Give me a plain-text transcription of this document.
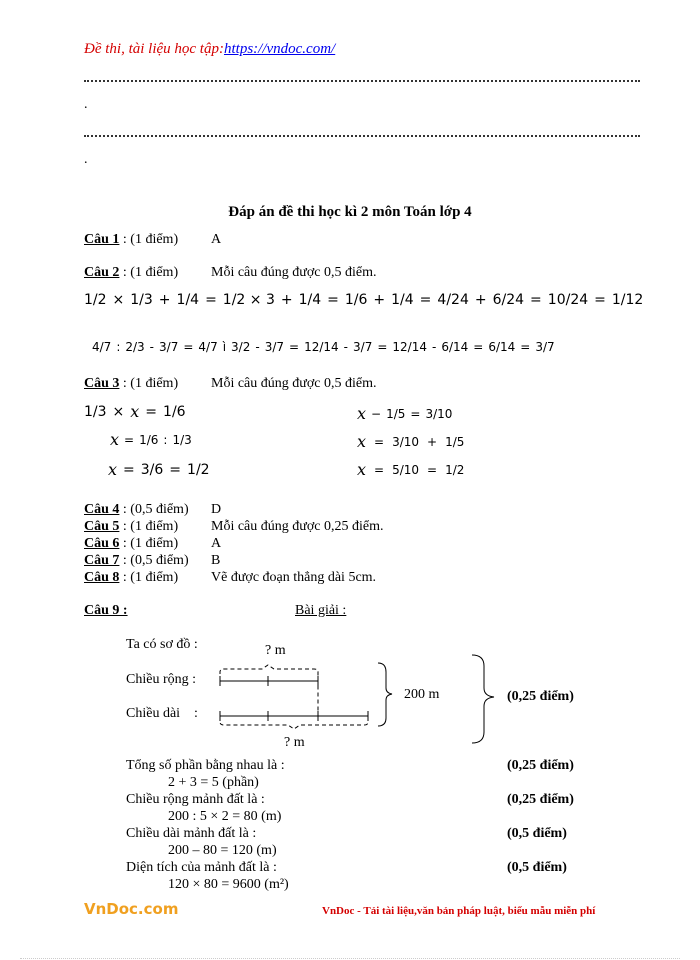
Đề thi, tài liệu học tập:https://vndoc.com/
.
.
Đáp án đề thi học kì 2 môn Toán lớp 4
Câu 1 : (1 điểm) A
Câu 2 : (1 điểm) Mỗi câu đúng được 0,5 điểm.
1/2 × 1/3 + 1/4 = 1/2 × 3 + 1/4 = 1/6 + 1/4 = 4/24 + 6/24 = 10/24 = 1/12
4/7 : 2/3 - 3/7 = 4/7 ì 3/2 - 3/7 = 12/14 - 3/7 = 12/14 - 6/14 = 6/14 = 3/7
Câu 3 : (1 điểm) Mỗi câu đúng được 0,5 điểm.
1/3 × x = 1/6
x = 1/6 : 1/3
x = 3/6 = 1/2
x − 1/5 = 3/10
x = 3/10 + 1/5
x = 5/10 = 1/2
Câu 4 : (0,5 điểm) D
Câu 5 : (1 điểm) Mỗi câu đúng được 0,25 điểm.
Câu 6 : (1 điểm) A
Câu 7 : (0,5 điểm) B
Câu 8 : (1 điểm) Vẽ được đoạn thẳng dài 5cm.
Câu 9 :	Bài giải :
Ta có sơ đồ :	? m
Chiều rộng :
Chiều dài    :
? m
200 m	(0,25 điểm)
Tổng số phần bằng nhau là :
2 + 3 = 5 (phần)
(0,25 điểm)
Chiều rộng mảnh đất là :
200 : 5 × 2 = 80 (m)
(0,25 điểm)
Chiều dài mảnh đất là :
200 – 80 = 120 (m)
(0,5 điểm)
Diện tích của mảnh đất là :
120 × 80 = 9600 (m²)
(0,5 điểm)
VnDoc.com	VnDoc - Tải tài liệu,văn bản pháp luật, biểu mẫu miễn phí
